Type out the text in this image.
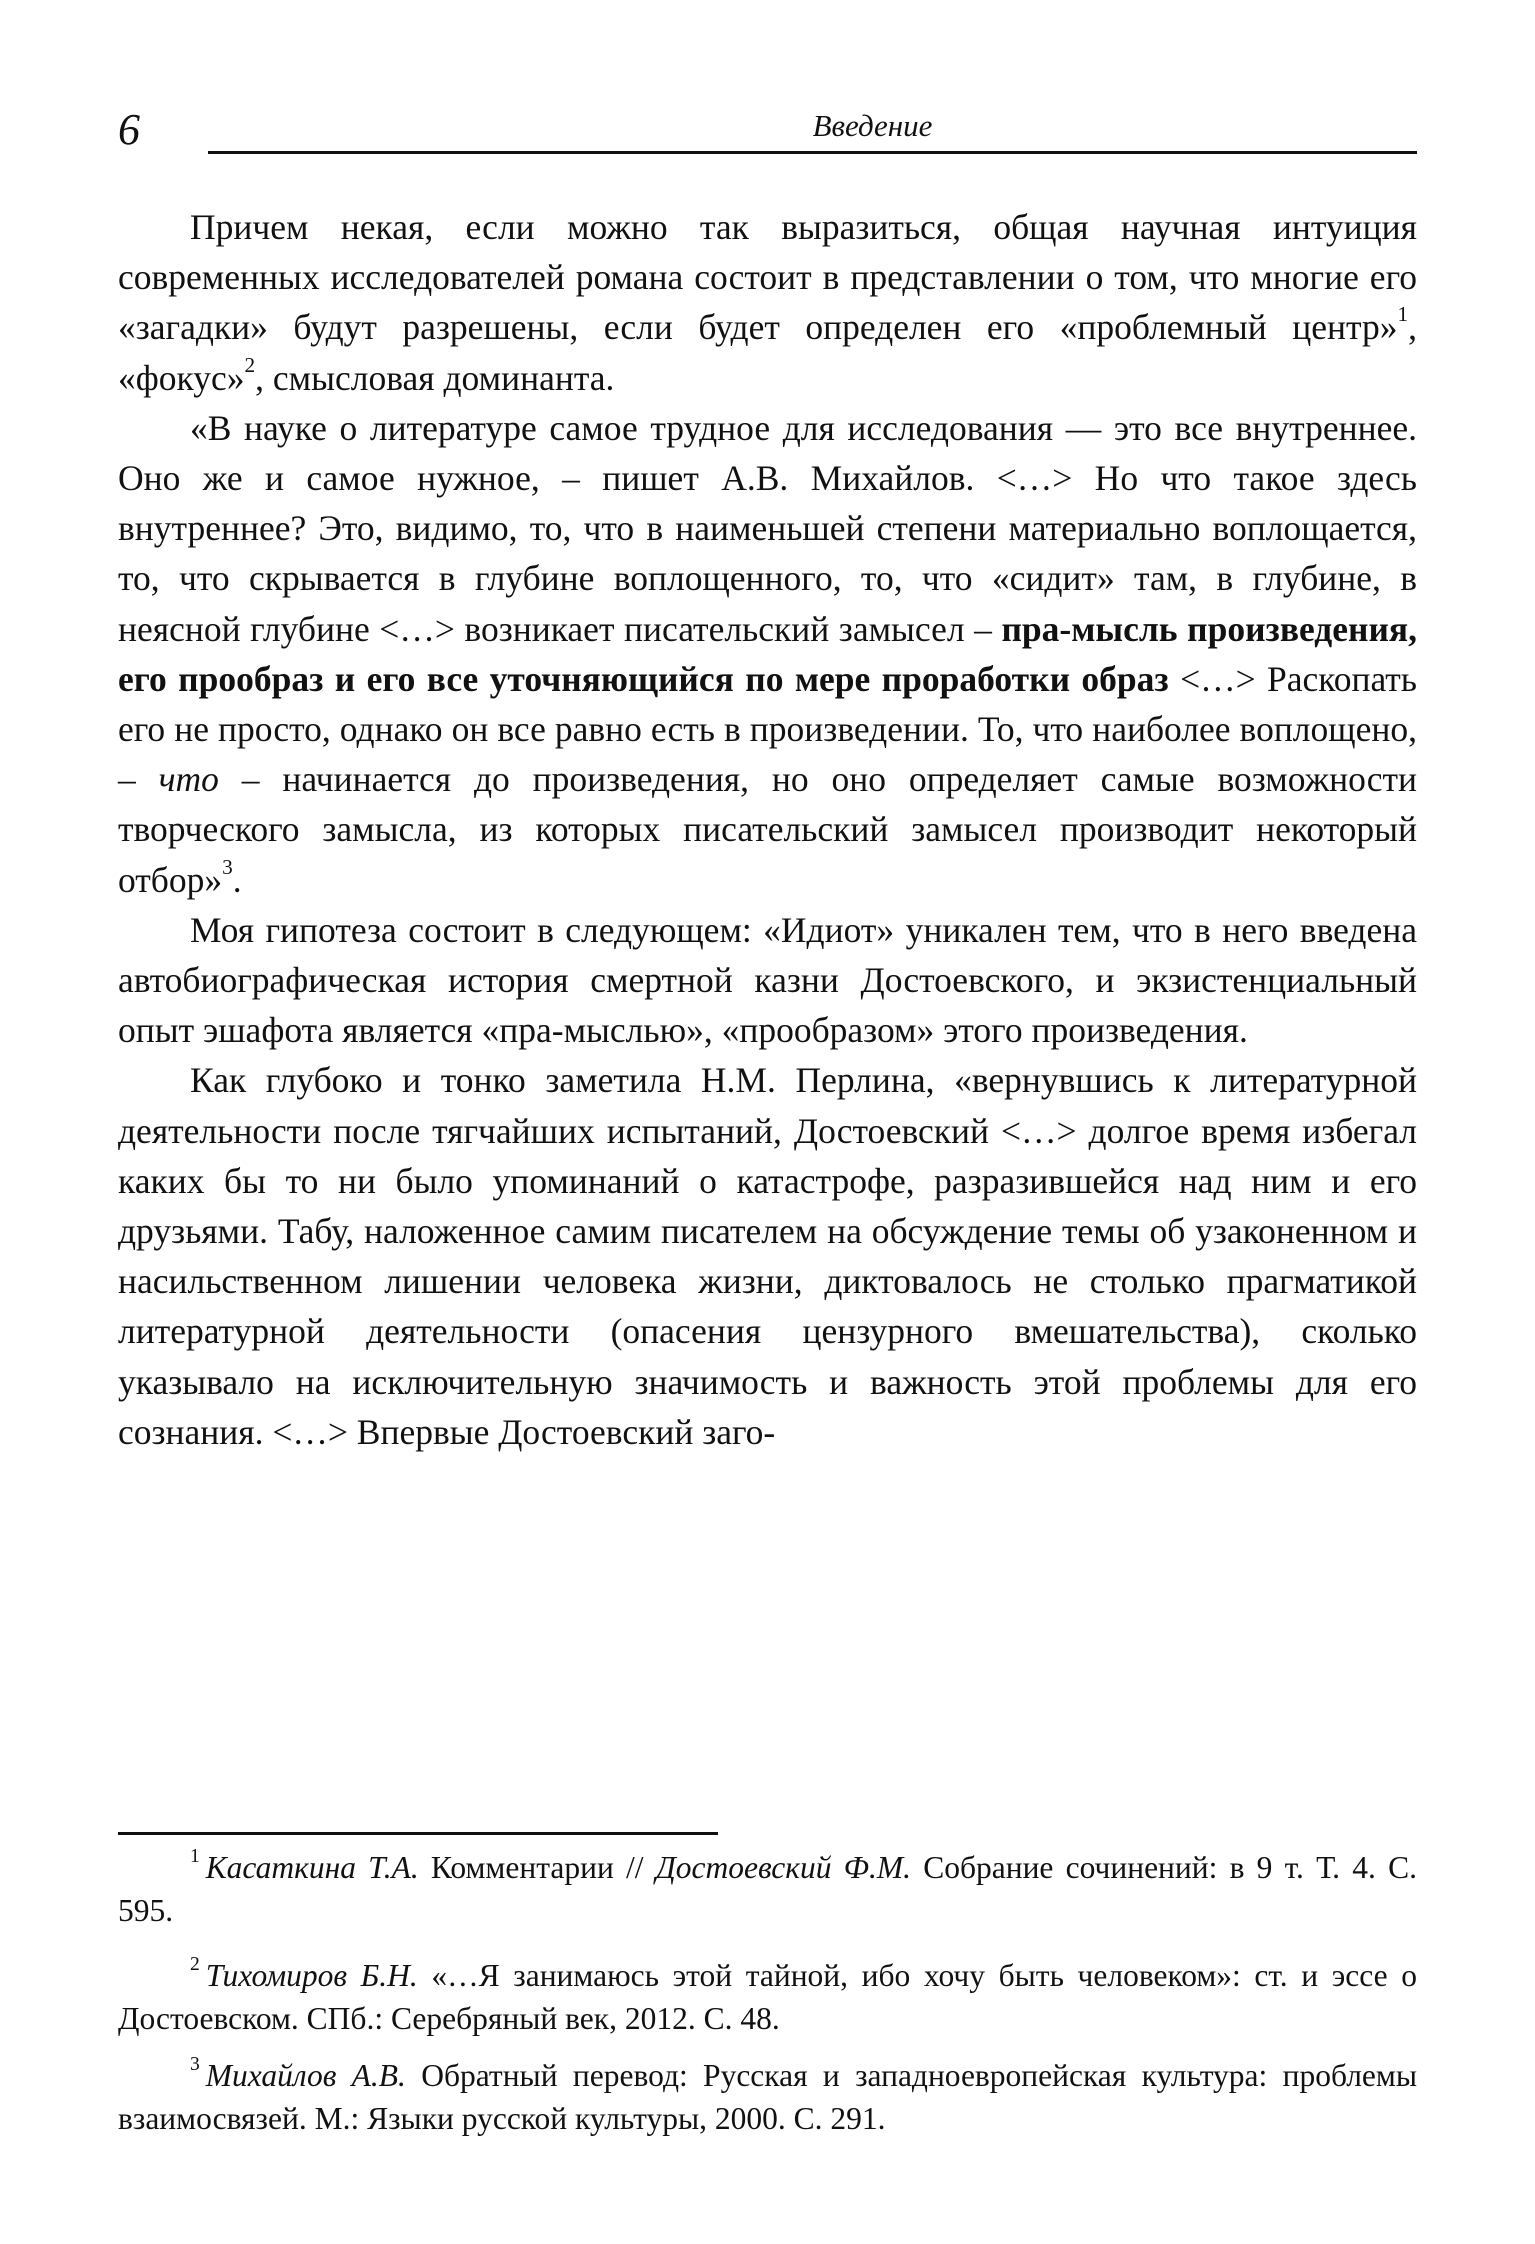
6	Введение

Причем некая, если можно так выразиться, общая научная интуиция современных исследователей романа состоит в представлении о том, что многие его «загадки» будут разрешены, если будет определен его «проблемный центр»$^1$, «фокус»$^2$, смысловая доминанта.

«В науке о литературе самое трудное для исследования — это все внутреннее. Оно же и самое нужное, – пишет А.В. Михайлов. <…> Но что такое здесь внутреннее? Это, видимо, то, что в наименьшей степени материально воплощается, то, что скрывается в глубине воплощенного, то, что «сидит» там, в глубине, в неясной глубине <…> возникает писательский замысел – пра-мысль произведения, его прообраз и его все уточняющийся по мере проработки образ <…> Раскопать его не просто, однако он все равно есть в произведении. То, что наиболее воплощено, – что – начинается до произведения, но оно определяет самые возможности творческого замысла, из которых писательский замысел производит некоторый отбор»$^3$.

Моя гипотеза состоит в следующем: «Идиот» уникален тем, что в него введена автобиографическая история смертной казни Достоевского, и экзистенциальный опыт эшафота является «пра-мыслью», «прообразом» этого произведения.

Как глубоко и тонко заметила Н.М. Перлина, «вернувшись к литературной деятельности после тягчайших испытаний, Достоевский <…> долгое время избегал каких бы то ни было упоминаний о катастрофе, разразившейся над ним и его друзьями. Табу, наложенное самим писателем на обсуждение темы об узаконенном и насильственном лишении человека жизни, диктовалось не столько прагматикой литературной деятельности (опасения цензурного вмешательства), сколько указывало на исключительную значимость и важность этой проблемы для его сознания. <…> Впервые Достоевский заго-

$^1$ Касаткина Т.А. Комментарии // Достоевский Ф.М. Собрание сочинений: в 9 т. Т. 4. С. 595.

$^2$ Тихомиров Б.Н. «…Я занимаюсь этой тайной, ибо хочу быть человеком»: ст. и эссе о Достоевском. СПб.: Серебряный век, 2012. С. 48.

$^3$ Михайлов А.В. Обратный перевод: Русская и западноевропейская культура: проблемы взаимосвязей. М.: Языки русской культуры, 2000. С. 291.
